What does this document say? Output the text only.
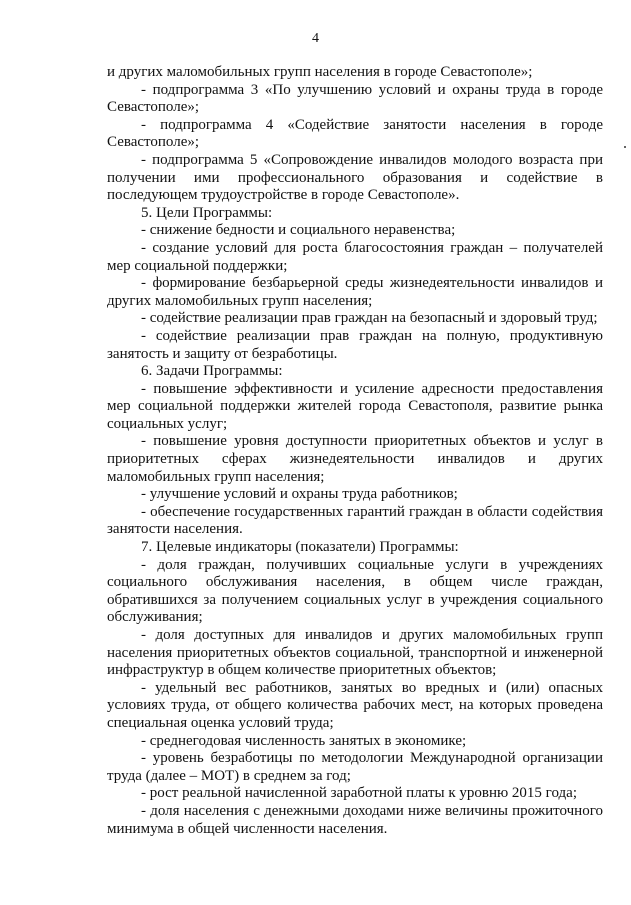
4

и других маломобильных групп населения в городе Севастополе»;

- подпрограмма 3 «По улучшению условий и охраны труда в городе Севастополе»;

- подпрограмма 4 «Содействие занятости населения в городе Севастополе»;

- подпрограмма 5 «Сопровождение инвалидов молодого возраста при получении ими профессионального образования и содействие в последующем трудоустройстве в городе Севастополе».

5. Цели Программы:

- снижение бедности и социального неравенства;

- создание условий для роста благосостояния граждан – получателей мер социальной поддержки;

- формирование безбарьерной среды жизнедеятельности инвалидов и других маломобильных групп населения;

- содействие реализации прав граждан на безопасный и здоровый труд;

- содействие реализации прав граждан на полную, продуктивную занятость и защиту от безработицы.

6. Задачи Программы:

- повышение эффективности и усиление адресности предоставления мер социальной поддержки жителей города Севастополя, развитие рынка социальных услуг;

- повышение уровня доступности приоритетных объектов и услуг в приоритетных сферах жизнедеятельности инвалидов и других маломобильных групп населения;

- улучшение условий и охраны труда работников;

- обеспечение государственных гарантий граждан в области содействия занятости населения.

7. Целевые индикаторы (показатели) Программы:

- доля граждан, получивших социальные услуги в учреждениях социального обслуживания населения, в общем числе граждан, обратившихся за получением социальных услуг в учреждения социального обслуживания;

- доля доступных для инвалидов и других маломобильных групп населения приоритетных объектов социальной, транспортной и инженерной инфраструктур в общем количестве приоритетных объектов;

- удельный вес работников, занятых во вредных и (или) опасных условиях труда, от общего количества рабочих мест, на которых проведена специальная оценка условий труда;

- среднегодовая численность занятых в экономике;

- уровень безработицы по методологии Международной организации труда (далее – МОТ) в среднем за год;

- рост реальной начисленной заработной платы к уровню 2015 года;

- доля населения с денежными доходами ниже величины прожиточного минимума в общей численности населения.
